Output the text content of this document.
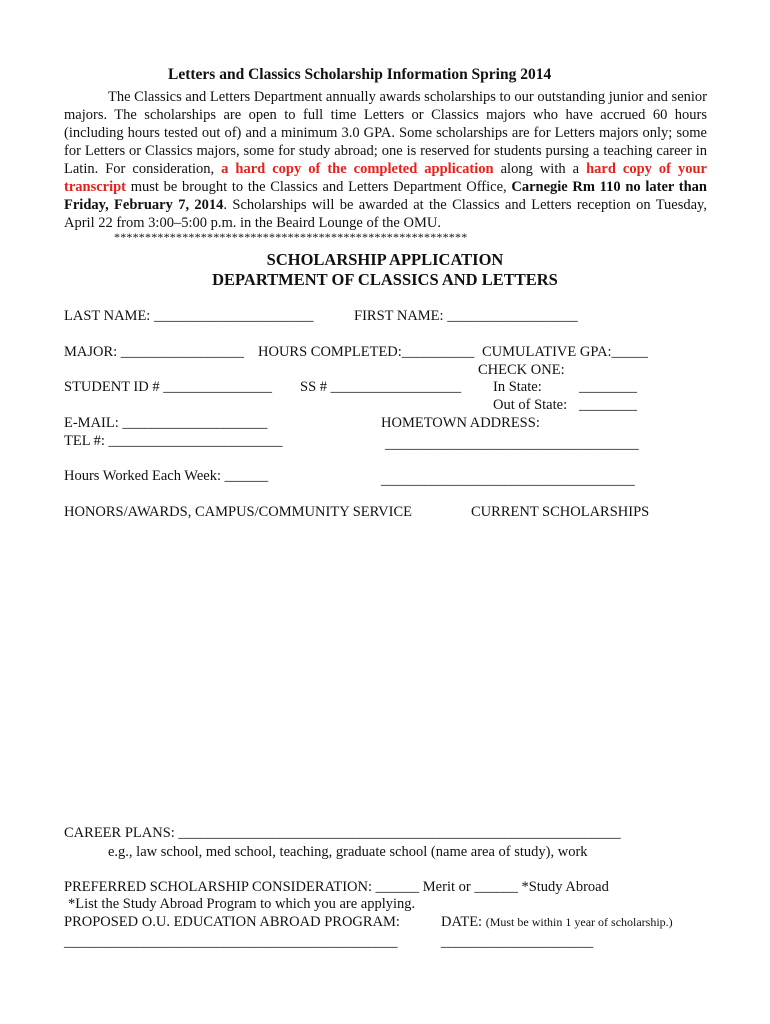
Letters and Classics Scholarship Information Spring 2014
The Classics and Letters Department annually awards scholarships to our outstanding junior and senior majors. The scholarships are open to full time Letters or Classics majors who have accrued 60 hours (including hours tested out of) and a minimum 3.0 GPA. Some scholarships are for Letters majors only; some for Letters or Classics majors, some for study abroad; one is reserved for students pursing a teaching career in Latin. For consideration, a hard copy of the completed application along with a hard copy of your transcript must be brought to the Classics and Letters Department Office, Carnegie Rm 110 no later than Friday, February 7, 2014. Scholarships will be awarded at the Classics and Letters reception on Tuesday, April 22 from 3:00–5:00 p.m. in the Beaird Lounge of the OMU.
*********************************************************
SCHOLARSHIP APPLICATION
DEPARTMENT OF CLASSICS AND LETTERS
LAST NAME: ______________________	FIRST NAME: __________________
MAJOR: _________________ HOURS COMPLETED:__________ CUMULATIVE GPA:_____
CHECK ONE:
STUDENT ID # _______________ SS # __________________ In State:	________
Out of State: ________
E-MAIL: ____________________	HOMETOWN ADDRESS:
TEL #: ________________________	___________________________________
Hours Worked Each Week: ______	___________________________________
HONORS/AWARDS, CAMPUS/COMMUNITY SERVICE	CURRENT SCHOLARSHIPS
CAREER PLANS: _____________________________________________________________
e.g., law school, med school, teaching, graduate school (name area of study), work
PREFERRED SCHOLARSHIP CONSIDERATION: ______ Merit or ______ *Study Abroad
*List the Study Abroad Program to which you are applying.
PROPOSED O.U. EDUCATION ABROAD PROGRAM:	DATE: (Must be within 1 year of scholarship.)
______________________________________________	_____________________
